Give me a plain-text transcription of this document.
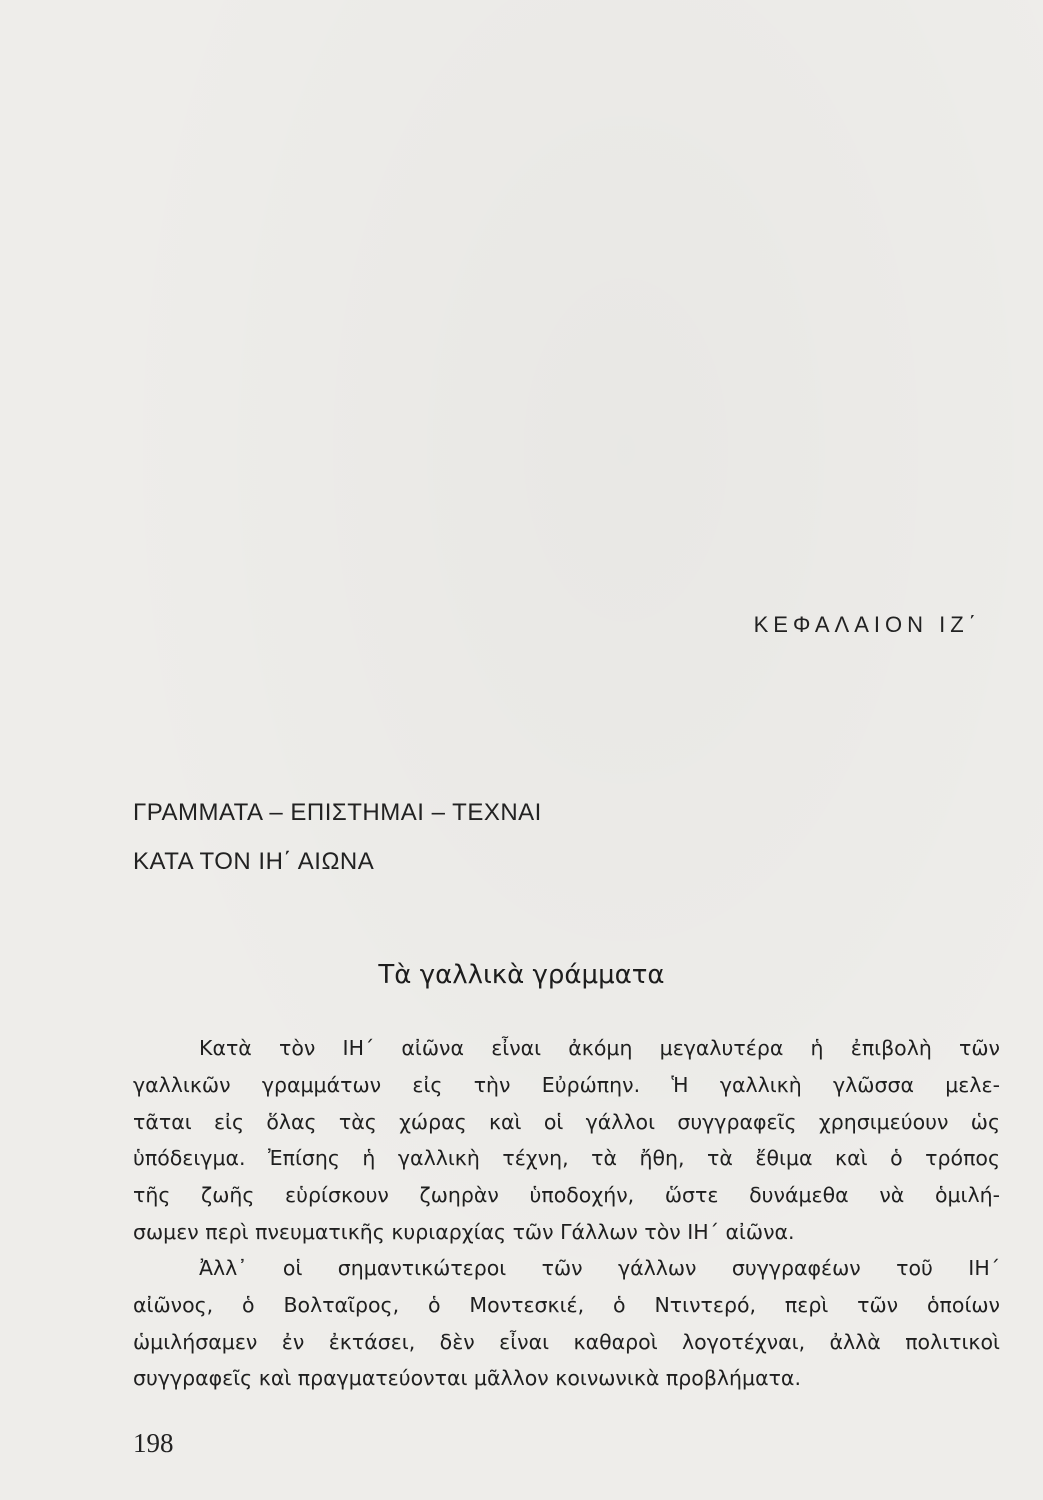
ΚΕΦΑΛΑΙΟΝ ΙΖ΄
ΓΡΑΜΜΑΤΑ – ΕΠΙΣΤΗΜΑΙ – ΤΕΧΝΑΙ
ΚΑΤΑ ΤΟΝ ΙΗ΄ ΑΙΩΝΑ
Τὰ γαλλικὰ γράμματα
Κατὰ τὸν ΙΗ΄ αἰῶνα εἶναι ἀκόμη μεγαλυτέρα ἡ ἐπιβολὴ τῶν
γαλλικῶν γραμμάτων εἰς τὴν Εὐρώπην. Ἡ γαλλικὴ γλῶσσα μελε-
τᾶται εἰς ὅλας τὰς χώρας καὶ οἱ γάλλοι συγγραφεῖς χρησιμεύουν ὡς
ὑπόδειγμα. Ἐπίσης ἡ γαλλικὴ τέχνη, τὰ ἤθη, τὰ ἔθιμα καὶ ὁ τρόπος
τῆς ζωῆς εὑρίσκουν ζωηρὰν ὑποδοχήν, ὥστε δυνάμεθα νὰ ὁμιλή-
σωμεν περὶ πνευματικῆς κυριαρχίας τῶν Γάλλων τὸν ΙΗ΄ αἰῶνα.
Ἀλλ᾽ οἱ σημαντικώτεροι τῶν γάλλων συγγραφέων τοῦ ΙΗ΄
αἰῶνος, ὁ Βολταῖρος, ὁ Μοντεσκιέ, ὁ Ντιντερό, περὶ τῶν ὁποίων
ὡμιλήσαμεν ἐν ἐκτάσει, δὲν εἶναι καθαροὶ λογοτέχναι, ἀλλὰ πολιτικοὶ
συγγραφεῖς καὶ πραγματεύονται μᾶλλον κοινωνικὰ προβλήματα.
198
